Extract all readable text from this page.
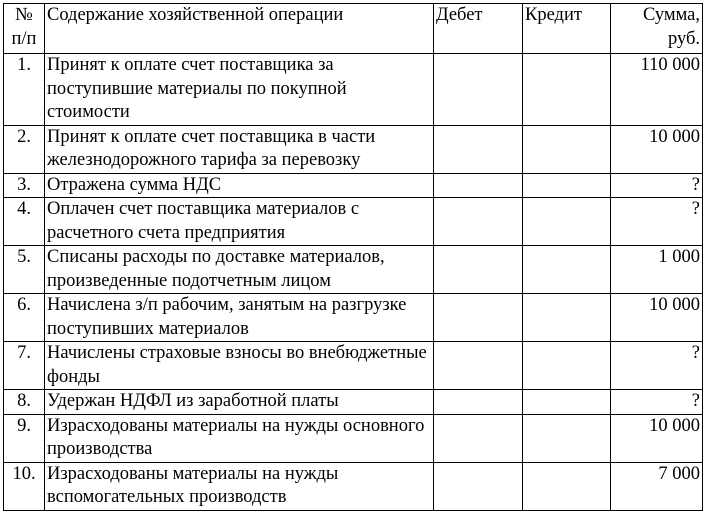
№ п/п	Содержание хозяйственной операции	Дебет	Кредит	Сумма, руб.
1.	Принят к оплате счет поставщика за поступившие материалы по покупной стоимости			110 000
2.	Принят к оплате счет поставщика в части железнодорожного тарифа за перевозку			10 000
3.	Отражена сумма НДС			?
4.	Оплачен счет поставщика материалов с расчетного счета предприятия			?
5.	Списаны расходы по доставке материалов, произведенные подотчетным лицом			1 000
6.	Начислена з/п рабочим, занятым на разгрузке поступивших материалов			10 000
7.	Начислены страховые взносы во внебюджетные фонды			?
8.	Удержан НДФЛ из заработной платы			?
9.	Израсходованы материалы на нужды основного производства			10 000
10.	Израсходованы материалы на нужды вспомогательных производств			7 000
